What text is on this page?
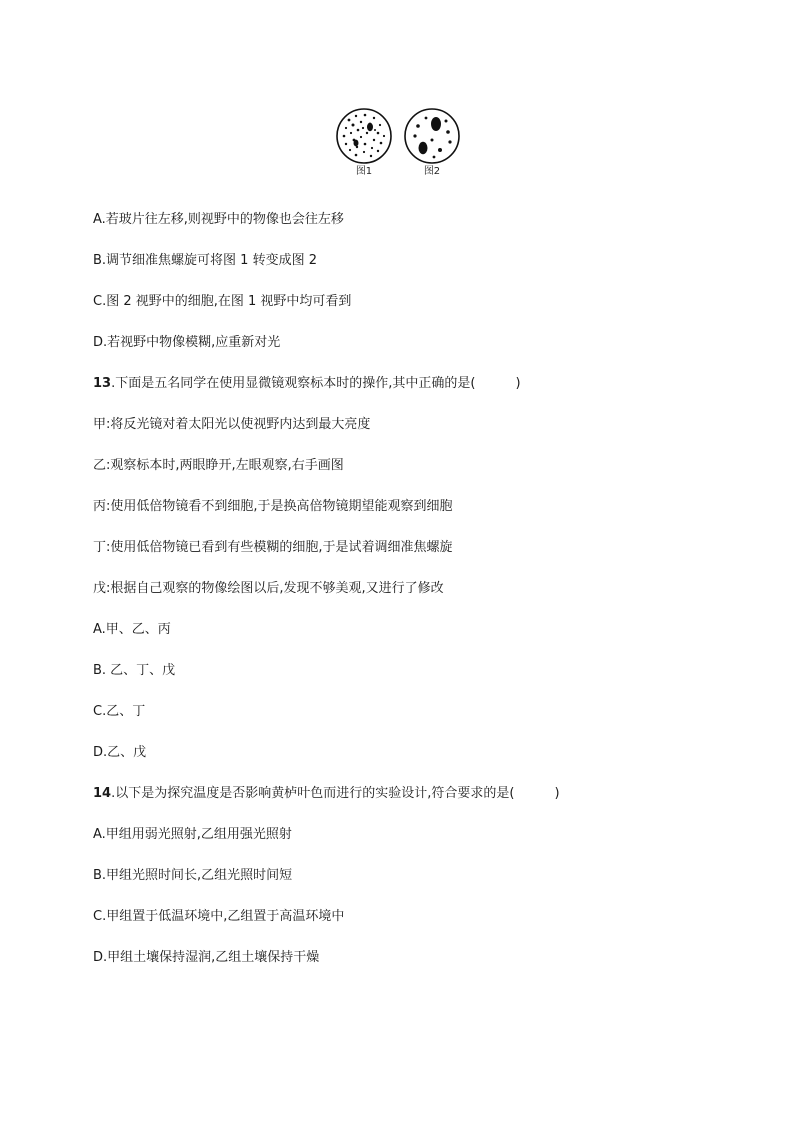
图1	图2
A.若玻片往左移,则视野中的物像也会往左移
B.调节细准焦螺旋可将图 1 转变成图 2
C.图 2 视野中的细胞,在图 1 视野中均可看到
D.若视野中物像模糊,应重新对光
13.下面是五名同学在使用显微镜观察标本时的操作,其中正确的是(	)
甲:将反光镜对着太阳光以使视野内达到最大亮度
乙:观察标本时,两眼睁开,左眼观察,右手画图
丙:使用低倍物镜看不到细胞,于是换高倍物镜期望能观察到细胞
丁:使用低倍物镜已看到有些模糊的细胞,于是试着调细准焦螺旋
戊:根据自己观察的物像绘图以后,发现不够美观,又进行了修改
A.甲、乙、丙
B. 乙、丁、戊
C.乙、丁
D.乙、戊
14.以下是为探究温度是否影响黄栌叶色而进行的实验设计,符合要求的是(	)
A.甲组用弱光照射,乙组用强光照射
B.甲组光照时间长,乙组光照时间短
C.甲组置于低温环境中,乙组置于高温环境中
D.甲组土壤保持湿润,乙组土壤保持干燥
